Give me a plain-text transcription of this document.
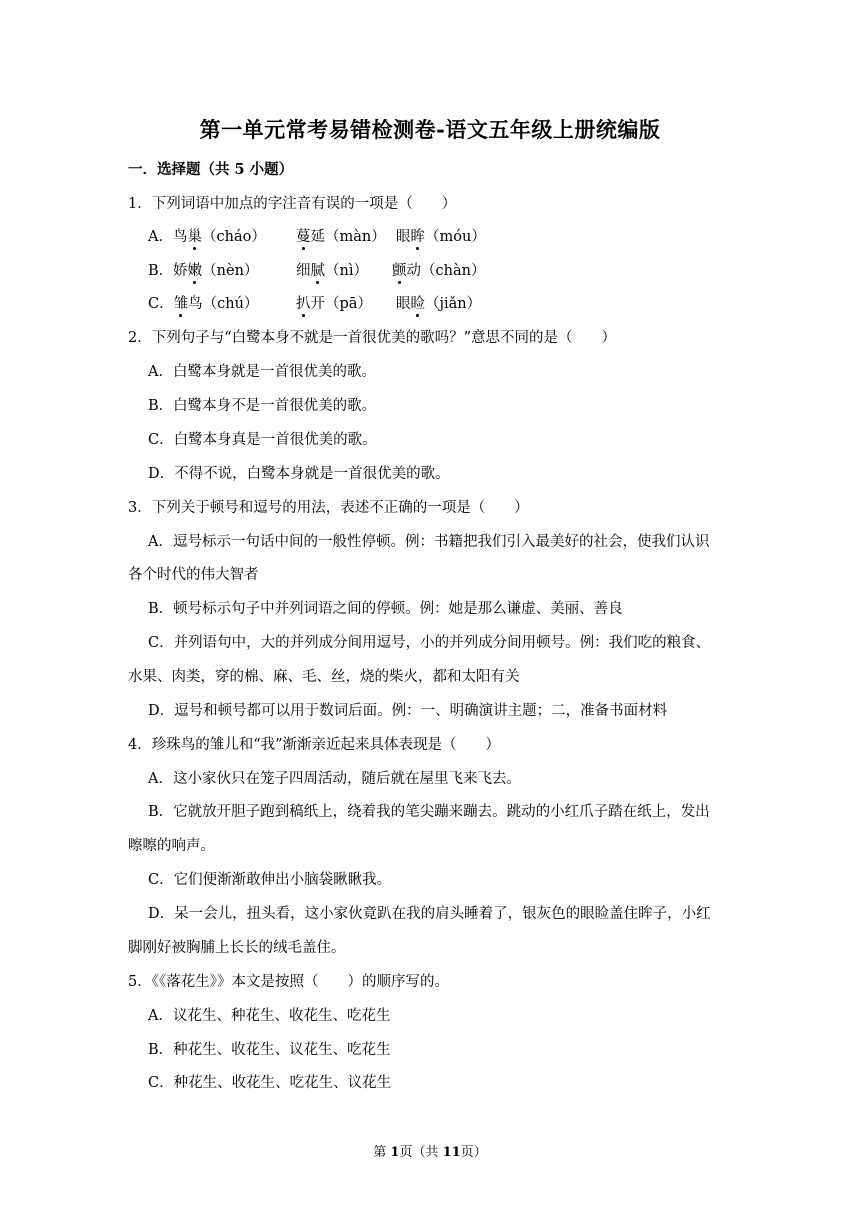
第一单元常考易错检测卷-语文五年级上册统编版
一．选择题（共 5 小题）
1．下列词语中加点的字注音有误的一项是（　　）
A．鸟巢（cháo） 蔓延（màn） 眼眸（móu）
B．娇嫩（nèn）	细腻（nì） 颤动（chàn）
C．雏鸟（chú）	扒开（pā） 眼睑（jiǎn）
2．下列句子与“白鹭本身不就是一首很优美的歌吗？”意思不同的是（　　）
A．白鹭本身就是一首很优美的歌。
B．白鹭本身不是一首很优美的歌。
C．白鹭本身真是一首很优美的歌。
D．不得不说，白鹭本身就是一首很优美的歌。
3．下列关于顿号和逗号的用法，表述不正确的一项是（　　）
A．逗号标示一句话中间的一般性停顿。例：书籍把我们引入最美好的社会，使我们认识
各个时代的伟大智者
B．顿号标示句子中并列词语之间的停顿。例：她是那么谦虚、美丽、善良
C．并列语句中，大的并列成分间用逗号，小的并列成分间用顿号。例：我们吃的粮食、
水果、肉类，穿的棉、麻、毛、丝，烧的柴火，都和太阳有关
D．逗号和顿号都可以用于数词后面。例：一、明确演讲主题；二，准备书面材料
4．珍珠鸟的雏儿和“我”渐渐亲近起来具体表现是（　　）
A．这小家伙只在笼子四周活动，随后就在屋里飞来飞去。
B．它就放开胆子跑到稿纸上，绕着我的笔尖蹦来蹦去。跳动的小红爪子踏在纸上，发出
嚓嚓的响声。
C．它们便渐渐敢伸出小脑袋瞅瞅我。
D．呆一会儿，扭头看，这小家伙竟趴在我的肩头睡着了，银灰色的眼睑盖住眸子，小红
脚刚好被胸脯上长长的绒毛盖住。
5．《《落花生》》本文是按照（　　）的顺序写的。
A．议花生、种花生、收花生、吃花生
B．种花生、收花生、议花生、吃花生
C．种花生、收花生、吃花生、议花生
第 1页（共 11页）
